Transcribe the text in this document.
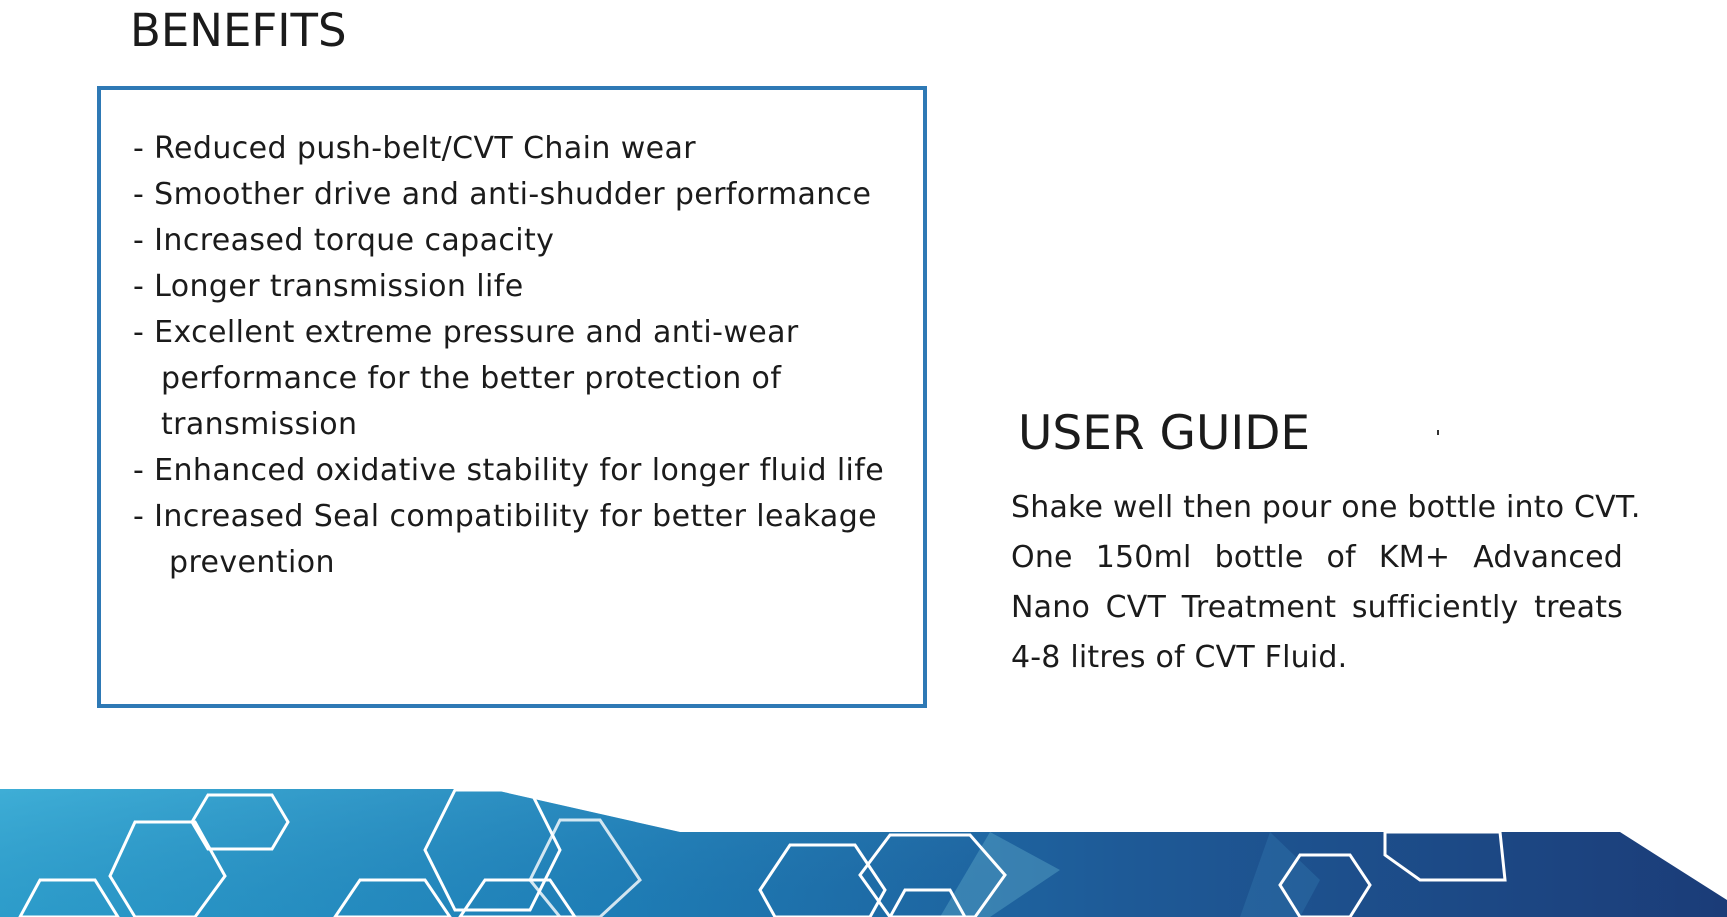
BENEFITS
- Reduced push-belt/CVT Chain wear
- Smoother drive and anti-shudder performance
- Increased torque capacity
- Longer transmission life
- Excellent extreme pressure and anti-wear
performance for the better protection of
transmission
- Enhanced oxidative stability for longer fluid life
- Increased Seal compatibility for better leakage
prevention
USER GUIDE

Shake well then pour one bottle into CVT.
One 150ml bottle of KM+ Advanced
Nano CVT Treatment sufficiently treats
4-8 litres of CVT Fluid.
